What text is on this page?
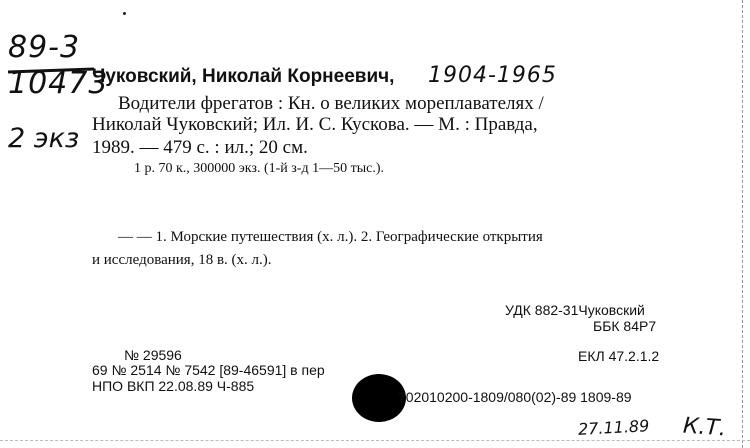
89-3
10473
2 экз
Чуковский, Николай Корнеевич, 1904-1965
Водители фрегатов : Кн. о великих мореплавателях /
Николай Чуковский; Ил. И. С. Кускова. — М. : Правда,
1989. — 479 с. : ил.; 20 см.
1 р. 70 к., 300000 экз. (1-й з-д 1—50 тыс.).
— — 1. Морские путешествия (х. л.). 2. Географические открытия
и исследования, 18 в. (х. л.).
УДК 882-31Чуковский
ББК 84Р7
№ 29596
69 № 2514 № 7542 [89-46591] в пер
НПО ВКП 22.08.89 Ч-885
ЕКЛ 47.2.1.2
702010200-1809/080(02)-89 1809-89
27.11.89 К.Т.
